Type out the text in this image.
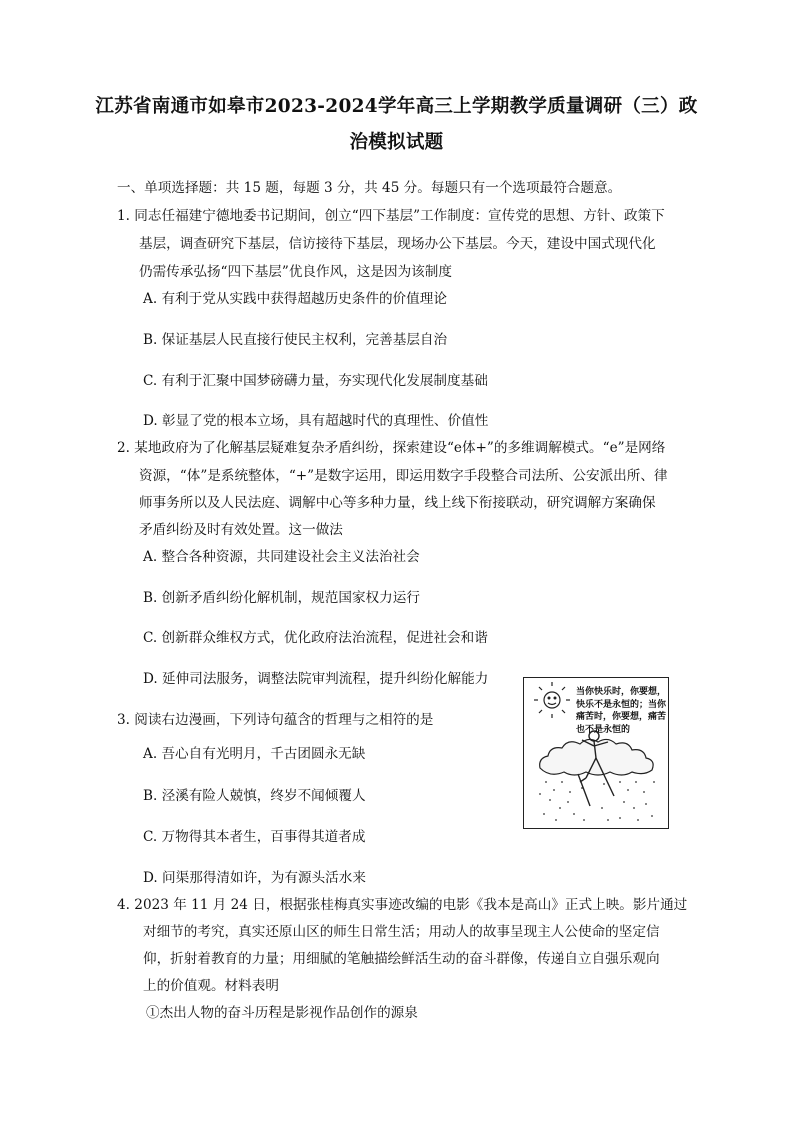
江苏省南通市如皋市2023-2024学年高三上学期教学质量调研（三）政
治模拟试题
一、单项选择题：共 15 题，每题 3 分，共 45 分。每题只有一个选项最符合题意。
1. 同志任福建宁德地委书记期间，创立“四下基层”工作制度：宣传党的思想、方针、政策下
基层，调查研究下基层，信访接待下基层，现场办公下基层。今天，建设中国式现代化
仍需传承弘扬“四下基层”优良作风，这是因为该制度
A. 有利于党从实践中获得超越历史条件的价值理论
B. 保证基层人民直接行使民主权利，完善基层自治
C. 有利于汇聚中国梦磅礴力量，夯实现代化发展制度基础
D. 彰显了党的根本立场，具有超越时代的真理性、价值性
2. 某地政府为了化解基层疑难复杂矛盾纠纷，探索建设“e体+”的多维调解模式。“e”是网络
资源，“体”是系统整体，“+”是数字运用，即运用数字手段整合司法所、公安派出所、律
师事务所以及人民法庭、调解中心等多种力量，线上线下衔接联动，研究调解方案确保
矛盾纠纷及时有效处置。这一做法
A. 整合各种资源，共同建设社会主义法治社会
B. 创新矛盾纠纷化解机制，规范国家权力运行
C. 创新群众维权方式，优化政府法治流程，促进社会和谐
D. 延伸司法服务，调整法院审判流程，提升纠纷化解能力
3. 阅读右边漫画，下列诗句蕴含的哲理与之相符的是
A. 吾心自有光明月，千古团圆永无缺
B. 泾溪有险人兢慎，终岁不闻倾覆人
C. 万物得其本者生，百事得其道者成
D. 问渠那得清如许，为有源头活水来
当你快乐时，你要想，快乐不是永恒的；当你痛苦时，你要想，痛苦也不是永恒的
4. 2023 年 11 月 24 日，根据张桂梅真实事迹改编的电影《我本是高山》正式上映。影片通过
对细节的考究，真实还原山区的师生日常生活；用动人的故事呈现主人公使命的坚定信
仰，折射着教育的力量；用细腻的笔触描绘鲜活生动的奋斗群像，传递自立自强乐观向
上的价值观。材料表明
①杰出人物的奋斗历程是影视作品创作的源泉
